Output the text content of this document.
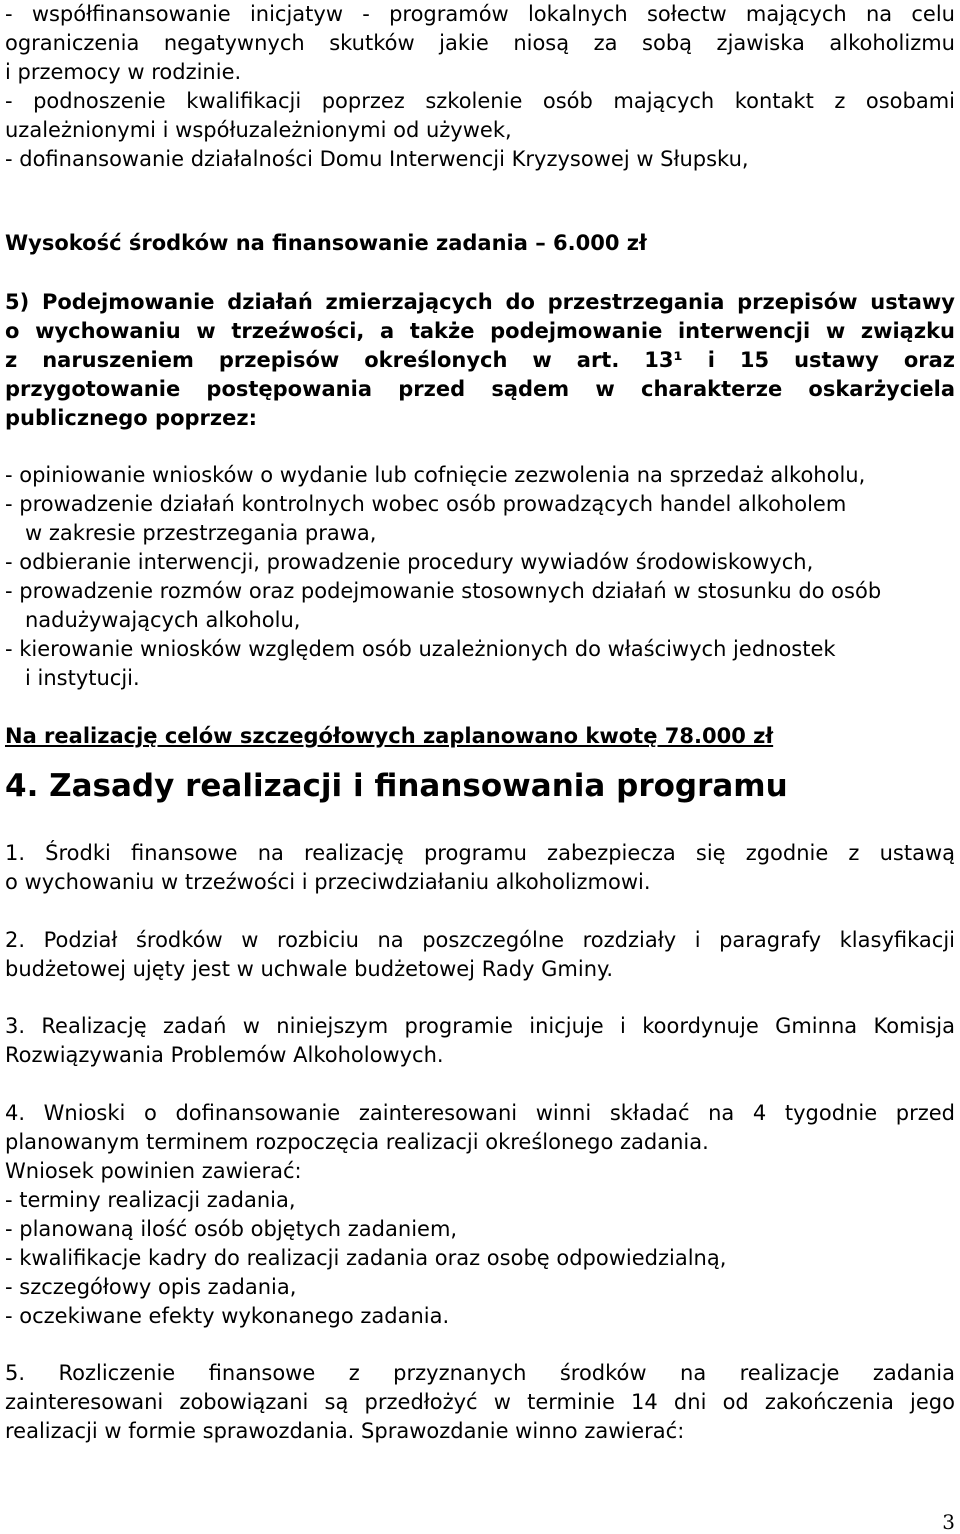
- współfinansowanie inicjatyw - programów lokalnych sołectw mających na celu

ograniczenia negatywnych skutków jakie niosą za sobą zjawiska alkoholizmu

i przemocy w rodzinie.

- podnoszenie kwalifikacji poprzez szkolenie osób mających kontakt z osobami

uzależnionymi i współuzależnionymi od używek,

- dofinansowanie działalności Domu Interwencji Kryzysowej w Słupsku,

Wysokość środków na finansowanie zadania – 6.000 zł

5) Podejmowanie działań zmierzających do przestrzegania przepisów ustawy

o wychowaniu w trzeźwości, a także podejmowanie interwencji w związku

z naruszeniem przepisów określonych w art. 13¹ i 15 ustawy oraz

przygotowanie postępowania przed sądem w charakterze oskarżyciela

publicznego poprzez:

- opiniowanie wniosków o wydanie lub cofnięcie zezwolenia na sprzedaż alkoholu,

- prowadzenie działań kontrolnych wobec osób prowadzących handel alkoholem

w zakresie przestrzegania prawa,

- odbieranie interwencji, prowadzenie procedury wywiadów środowiskowych,

- prowadzenie rozmów oraz podejmowanie stosownych działań w stosunku do osób

nadużywających alkoholu,

- kierowanie wniosków względem osób uzależnionych do właściwych jednostek

i instytucji.

Na realizację celów szczegółowych zaplanowano kwotę 78.000 zł

4. Zasady realizacji i finansowania programu

1. Środki finansowe na realizację programu zabezpiecza się zgodnie z ustawą

o wychowaniu w trzeźwości i przeciwdziałaniu alkoholizmowi.

2. Podział środków w rozbiciu na poszczególne rozdziały i paragrafy klasyfikacji

budżetowej ujęty jest w uchwale budżetowej Rady Gminy.

3. Realizację zadań w niniejszym programie inicjuje i koordynuje Gminna Komisja

Rozwiązywania Problemów Alkoholowych.

4. Wnioski o dofinansowanie zainteresowani winni składać na 4 tygodnie przed

planowanym terminem rozpoczęcia realizacji określonego zadania.

Wniosek powinien zawierać:

- terminy realizacji zadania,

- planowaną ilość osób objętych zadaniem,

- kwalifikacje kadry do realizacji zadania oraz osobę odpowiedzialną,

- szczegółowy opis zadania,

- oczekiwane efekty wykonanego zadania.

5. Rozliczenie finansowe z przyznanych środków na realizacje zadania

zainteresowani zobowiązani są przedłożyć w terminie 14 dni od zakończenia jego

realizacji w formie sprawozdania. Sprawozdanie winno zawierać:

3
